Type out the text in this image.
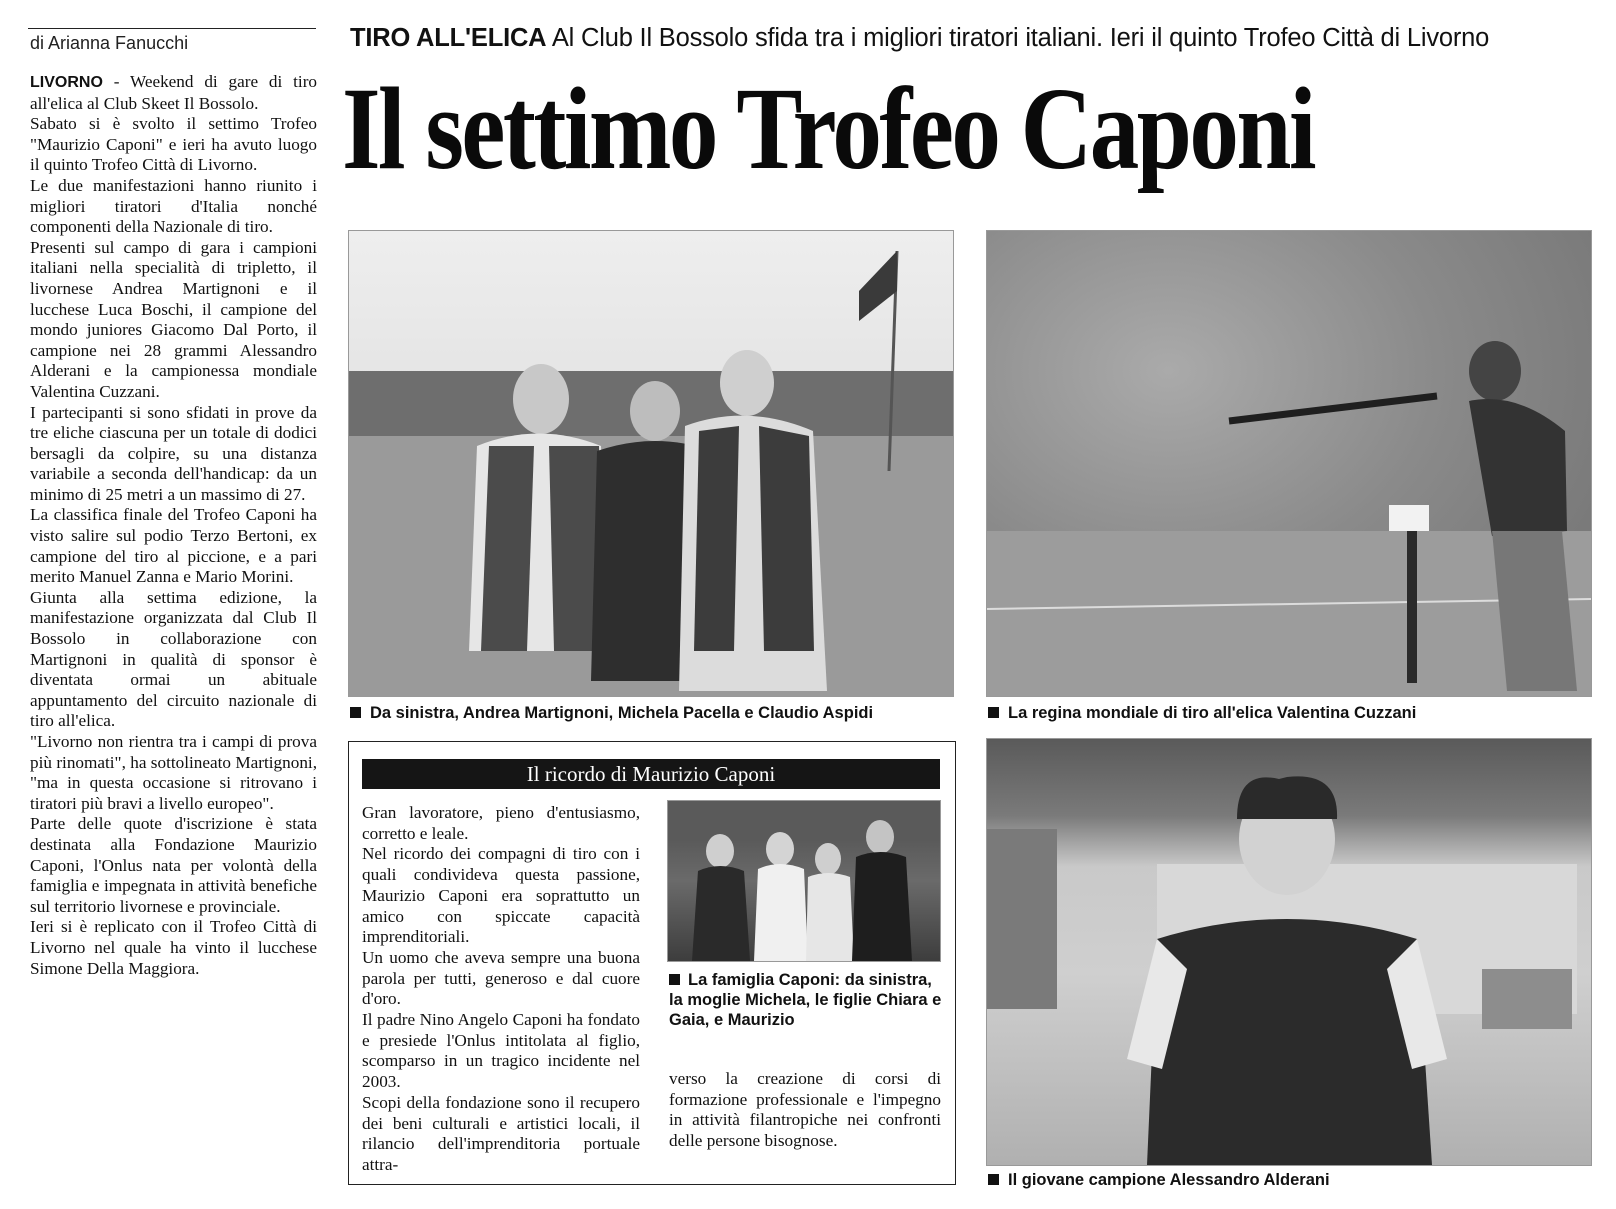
di Arianna Fanucchi	TIRO ALL'ELICA Al Club Il Bossolo sfida tra i migliori tiratori italiani. Ieri il quinto Trofeo Città di Livorno
Il settimo Trofeo Caponi

LIVORNO - Weekend di gare di tiro all'elica al Club Skeet Il Bossolo.

Sabato si è svolto il settimo Trofeo "Maurizio Caponi" e ieri ha avuto luogo il quinto Trofeo Città di Livorno.

Le due manifestazioni hanno riunito i migliori tiratori d'Italia nonché componenti della Nazionale di tiro.

Presenti sul campo di gara i campioni italiani nella specialità di tripletto, il livornese Andrea Martignoni e il lucchese Luca Boschi, il campione del mondo juniores Giacomo Dal Porto, il campione nei 28 grammi Alessandro Alderani e la campionessa mondiale Valentina Cuzzani.

I partecipanti si sono sfidati in prove da tre eliche ciascuna per un totale di dodici bersagli da colpire, su una distanza variabile a seconda dell'handicap: da un minimo di 25 metri a un massimo di 27.

La classifica finale del Trofeo Caponi ha visto salire sul podio Terzo Bertoni, ex campione del tiro al piccione, e a pari merito Manuel Zanna e Mario Morini.

Giunta alla settima edizione, la manifestazione organizzata dal Club Il Bossolo in collaborazione con Martignoni in qualità di sponsor è diventata ormai un abituale appuntamento del circuito nazionale di tiro all'elica.

"Livorno non rientra tra i campi di prova più rinomati", ha sottolineato Martignoni, "ma in questa occasione si ritrovano i tiratori più bravi a livello europeo".

Parte delle quote d'iscrizione è stata destinata alla Fondazione Maurizio Caponi, l'Onlus nata per volontà della famiglia e impegnata in attività benefiche sul territorio livornese e provinciale.

Ieri si è replicato con il Trofeo Città di Livorno nel quale ha vinto il lucchese Simone Della Maggiora.

Da sinistra, Andrea Martignoni, Michela Pacella e Claudio Aspidi	La regina mondiale di tiro all'elica Valentina Cuzzani
Il giovane campione Alessandro Alderani
Il ricordo di Maurizio Caponi

Gran lavoratore, pieno d'entusiasmo, corretto e leale.

Nel ricordo dei compagni di tiro con i quali condivideva questa passione, Maurizio Caponi era soprattutto un amico con spiccate capacità imprenditoriali.

Un uomo che aveva sempre una buona parola per tutti, generoso e dal cuore d'oro.

Il padre Nino Angelo Caponi ha fondato e presiede l'Onlus intitolata al figlio, scomparso in un tragico incidente nel 2003.

Scopi della fondazione sono il recupero dei beni culturali e artistici locali, il rilancio dell'imprenditoria portuale attra-

La famiglia Caponi: da sinistra, la moglie Michela, le figlie Chiara e Gaia, e Maurizio

verso la creazione di corsi di formazione professionale e l'impegno in attività filantropiche nei confronti delle persone bisognose.
